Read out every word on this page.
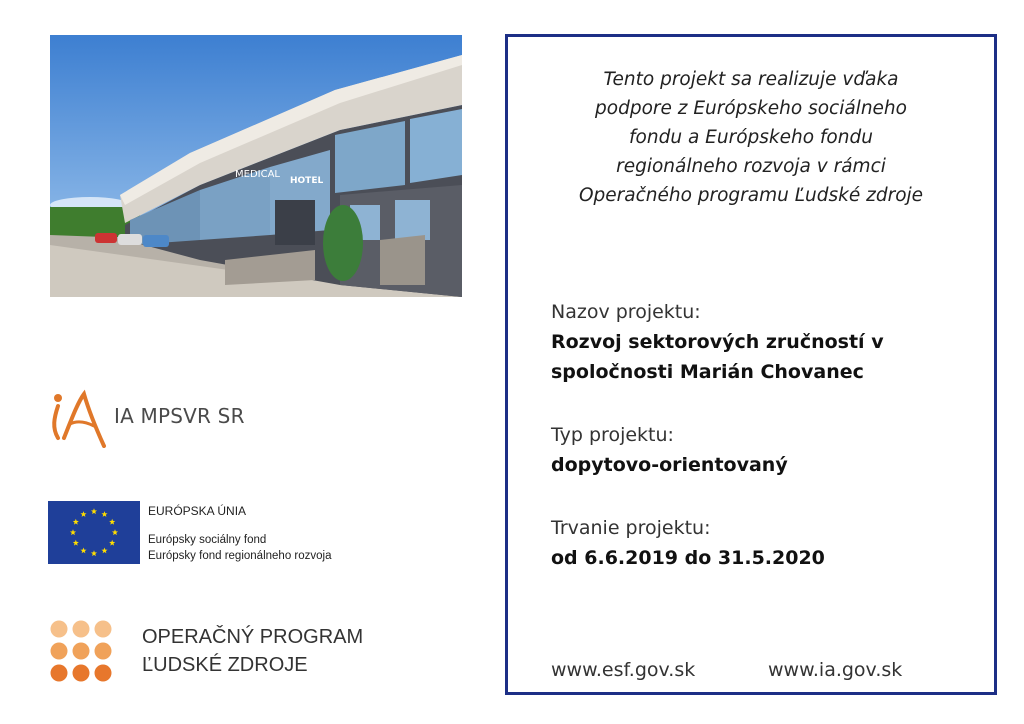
MEDICAL
HOTEL
IA MPSVR SR
EURÓPSKA ÚNIA
Európsky sociálny fond
Európsky fond regionálneho rozvoja
OPERAČNÝ PROGRAM
ĽUDSKÉ ZDROJE
Tento projekt sa realizuje vďaka
podpore z Európskeho sociálneho
fondu a Európskeho fondu
regionálneho rozvoja v rámci
Operačného programu Ľudské zdroje
Nazov projektu:
Rozvoj sektorových zručností v
spoločnosti Marián Chovanec
Typ projektu:
dopytovo-orientovaný
Trvanie projektu:
od 6.6.2019 do 31.5.2020
www.esf.gov.sk	www.ia.gov.sk
